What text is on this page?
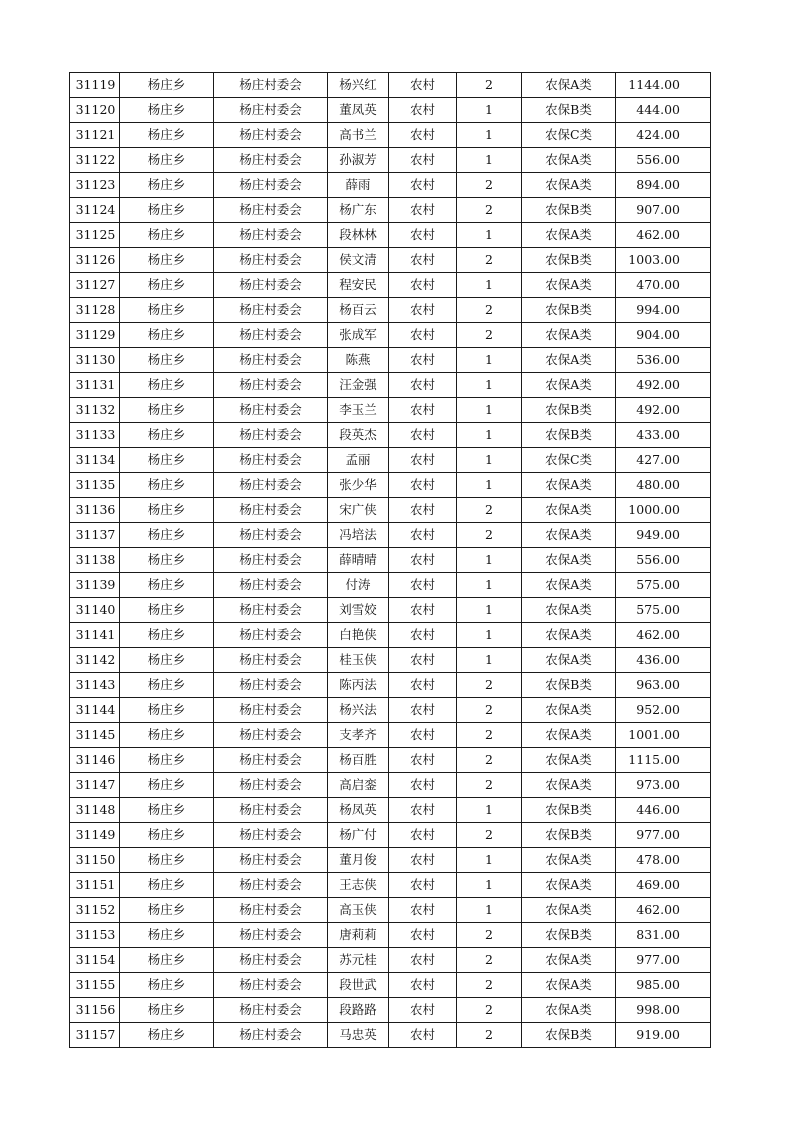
31119	杨庄乡	杨庄村委会	杨兴红	农村	2	农保A类	1144.00
31120	杨庄乡	杨庄村委会	董凤英	农村	1	农保B类	444.00
31121	杨庄乡	杨庄村委会	高书兰	农村	1	农保C类	424.00
31122	杨庄乡	杨庄村委会	孙淑芳	农村	1	农保A类	556.00
31123	杨庄乡	杨庄村委会	薛雨	农村	2	农保A类	894.00
31124	杨庄乡	杨庄村委会	杨广东	农村	2	农保B类	907.00
31125	杨庄乡	杨庄村委会	段林林	农村	1	农保A类	462.00
31126	杨庄乡	杨庄村委会	侯文清	农村	2	农保B类	1003.00
31127	杨庄乡	杨庄村委会	程安民	农村	1	农保A类	470.00
31128	杨庄乡	杨庄村委会	杨百云	农村	2	农保B类	994.00
31129	杨庄乡	杨庄村委会	张成军	农村	2	农保A类	904.00
31130	杨庄乡	杨庄村委会	陈燕	农村	1	农保A类	536.00
31131	杨庄乡	杨庄村委会	汪金强	农村	1	农保A类	492.00
31132	杨庄乡	杨庄村委会	李玉兰	农村	1	农保B类	492.00
31133	杨庄乡	杨庄村委会	段英杰	农村	1	农保B类	433.00
31134	杨庄乡	杨庄村委会	孟丽	农村	1	农保C类	427.00
31135	杨庄乡	杨庄村委会	张少华	农村	1	农保A类	480.00
31136	杨庄乡	杨庄村委会	宋广侠	农村	2	农保A类	1000.00
31137	杨庄乡	杨庄村委会	冯培法	农村	2	农保A类	949.00
31138	杨庄乡	杨庄村委会	薛晴晴	农村	1	农保A类	556.00
31139	杨庄乡	杨庄村委会	付涛	农村	1	农保A类	575.00
31140	杨庄乡	杨庄村委会	刘雪姣	农村	1	农保A类	575.00
31141	杨庄乡	杨庄村委会	白艳侠	农村	1	农保A类	462.00
31142	杨庄乡	杨庄村委会	桂玉侠	农村	1	农保A类	436.00
31143	杨庄乡	杨庄村委会	陈丙法	农村	2	农保B类	963.00
31144	杨庄乡	杨庄村委会	杨兴法	农村	2	农保A类	952.00
31145	杨庄乡	杨庄村委会	支孝齐	农村	2	农保A类	1001.00
31146	杨庄乡	杨庄村委会	杨百胜	农村	2	农保A类	1115.00
31147	杨庄乡	杨庄村委会	高启銮	农村	2	农保A类	973.00
31148	杨庄乡	杨庄村委会	杨凤英	农村	1	农保B类	446.00
31149	杨庄乡	杨庄村委会	杨广付	农村	2	农保B类	977.00
31150	杨庄乡	杨庄村委会	董月俊	农村	1	农保A类	478.00
31151	杨庄乡	杨庄村委会	王志侠	农村	1	农保A类	469.00
31152	杨庄乡	杨庄村委会	高玉侠	农村	1	农保A类	462.00
31153	杨庄乡	杨庄村委会	唐莉莉	农村	2	农保B类	831.00
31154	杨庄乡	杨庄村委会	苏元桂	农村	2	农保A类	977.00
31155	杨庄乡	杨庄村委会	段世武	农村	2	农保A类	985.00
31156	杨庄乡	杨庄村委会	段路路	农村	2	农保A类	998.00
31157	杨庄乡	杨庄村委会	马忠英	农村	2	农保B类	919.00
